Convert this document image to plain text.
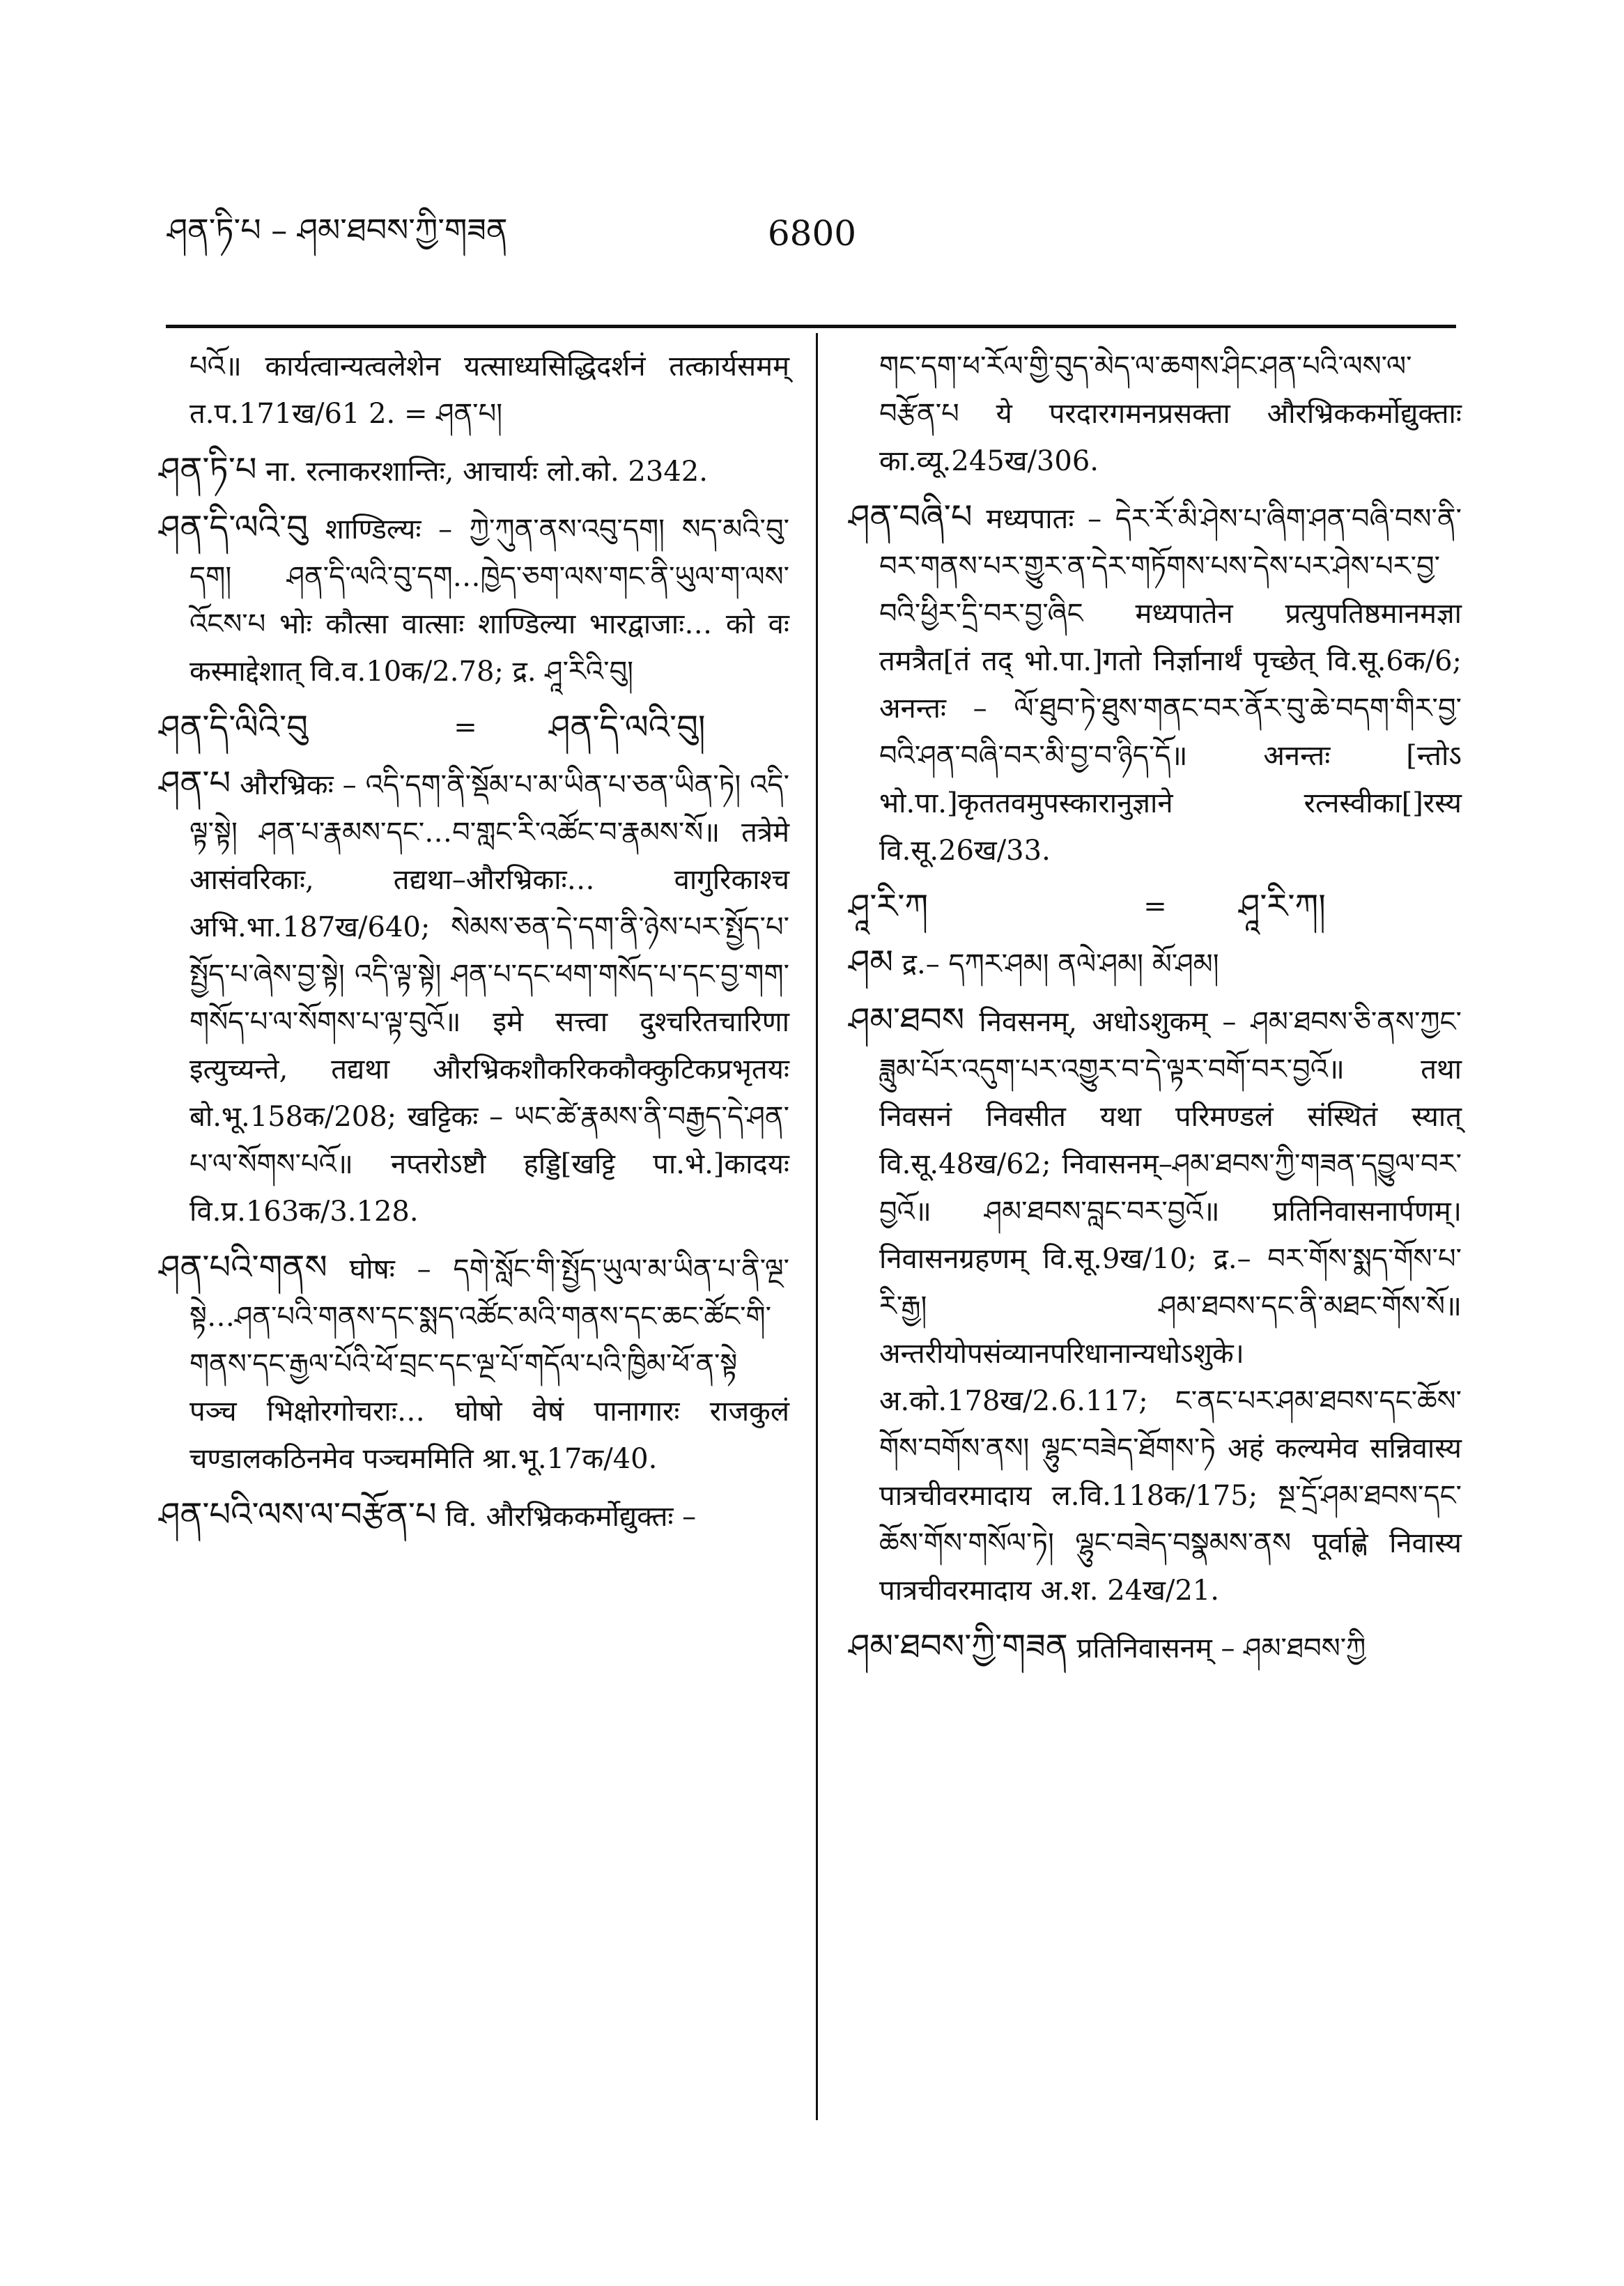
ཤན་ཏི་པ – ཤམ་ཐབས་ཀྱི་གཟན	6800
པའོ॥ कार्यत्वान्यत्वलेशेन यत्साध्यसिद्धिदर्शनं तत्कार्यसमम् त.प.171ख/61 2. = ཤན་པ།
ཤན་ཏི་པ ना. रत्नाकरशान्तिः, आचार्यः लो.को. 2342.
ཤན་དི་ལའི་བུ शाण्डिल्यः – ཀྱེ་ཀུན་ནས་འབུ་དག། སད་མའི་བུ་དག། ཤན་དི་ལའི་བུ་དག…ཁྱེད་ཅག་ལས་གང་ནི་ཡུལ་ག་ལས་འོངས་པ भोः कौत्सा वात्साः शाण्डिल्या भारद्वाजाः… को वः कस्माद्देशात् वि.व.10क/2.78; द्र. ཤཱ་རིའི་བུ།
ཤན་དི་ལིའི་བུ	=	ཤན་དི་ལའི་བུ།
ཤན་པ औरभ्रिकः – འདི་དག་ནི་སྡོམ་པ་མ་ཡིན་པ་ཅན་ཡིན་ཏེ། འདི་ལྟ་སྟེ། ཤན་པ་རྣམས་དང་…བ་གླང་རི་འཚོང་བ་རྣམས་སོ॥ तत्रेमे आसंवरिकाः, तद्यथा–औरभ्रिकाः… वागुरिकाश्च अभि.भा.187ख/640; སེམས་ཅན་དེ་དག་ནི་ཉེས་པར་སྤྱོད་པ་སྤྱོད་པ་ཞེས་བྱ་སྟེ། འདི་ལྟ་སྟེ། ཤན་པ་དང་ཕག་གསོད་པ་དང་བྱ་གག་གསོད་པ་ལ་སོགས་པ་ལྟ་བུའོ॥ इमे सत्त्वा दुश्चरितचारिणा इत्युच्यन्ते, तद्यथा औरभ्रिकशौकरिककौक्कुटिकप्रभृतयः बो.भू.158क/208; खट्टिकः – ཡང་ཚེ་རྣམས་ནི་བརྒྱད་དེ་ཤན་པ་ལ་སོགས་པའོ॥ नप्तरोऽष्टौ हड्डि[खट्टि पा.भे.]कादयः वि.प्र.163क/3.128.
ཤན་པའི་གནས घोषः – དགེ་སློང་གི་སྤྱོད་ཡུལ་མ་ཡིན་པ་ནི་ལྔ་སྟེ…ཤན་པའི་གནས་དང་སྨད་འཚོང་མའི་གནས་དང་ཆང་ཚོང་གི་གནས་དང་རྒྱལ་པོའི་ཕོ་བྲང་དང་ལྔ་པོ་གདོལ་པའི་ཁྱིམ་ཕོ་ན་སྟེ पञ्च भिक्षोरगोचराः… घोषो वेषं पानागारः राजकुलं चण्डालकठिनमेव पञ्चममिति श्रा.भू.17क/40.
ཤན་པའི་ལས་ལ་བརྩོན་པ वि. औरभ्रिककर्मोद्युक्तः –
གང་དག་ཕ་རོལ་གྱི་བུད་མེད་ལ་ཆགས་ཤིང་ཤན་པའི་ལས་ལ་བརྩོན་པ ये परदारगमनप्रसक्ता औरभ्रिककर्मोद्युक्ताः का.व्यू.245ख/306.
ཤན་བཞི་པ मध्यपातः – དེར་རོ་མི་ཤེས་པ་ཞིག་ཤན་བཞི་བས་ནི་བར་གནས་པར་གྱུར་ན་དེར་གཏོགས་པས་དེས་པར་ཤེས་པར་བྱ་བའི་ཕྱིར་དྲི་བར་བྱ་ཞིང मध्यपातेन प्रत्युपतिष्ठमानमज्ञा तमत्रैत[तं तद् भो.पा.]गतो निर्ज्ञानार्थं पृच्छेत् वि.सू.6क/6; अनन्तः – ལོ་ཐུབ་ཏེ་ཐུས་གནང་བར་ནོར་བུ་ཆེ་བདག་གིར་བྱ་བའི་ཤན་བཞི་བར་མི་བྱ་བ་ཉིད་དོ॥ अनन्तः [न्तोऽ भो.पा.]कृततवमुपस्कारानुज्ञाने रत्नस्वीका[]रस्य वि.सू.26ख/33.
ཤཱ་རི་ཀ	=	ཤཱ་རི་ཀ།
ཤམ द्र.– དཀར་ཤམ། ནལེ་ཤམ། མོ་ཤམ།
ཤམ་ཐབས निवसनम्, अधोऽशुकम् – ཤམ་ཐབས་ཅི་ནས་ཀྱང་ཟླུམ་པོར་འདུག་པར་འགྱུར་བ་དེ་ལྟར་བགོ་བར་བྱའོ॥ तथा निवसनं निवसीत यथा परिमण्डलं संस्थितं स्यात् वि.सू.48ख/62; निवासनम्–ཤམ་ཐབས་ཀྱི་གཟན་དབྱུལ་བར་བྱའོ॥ ཤམ་ཐབས་བླང་བར་བྱའོ॥ प्रतिनिवासनार्पणम्। निवासनग्रहणम् वि.सू.9ख/10; द्र.– བར་གོས་སྨད་གོས་པ་རི་རྒྱ། ཤམ་ཐབས་དང་ནི་མཐང་གོས་སོ॥ अन्तरीयोपसंव्यानपरिधानान्यधोऽशुके। अ.को.178ख/2.6.117; ང་ནང་པར་ཤམ་ཐབས་དང་ཆོས་གོས་བགོས་ནས། ལྷུང་བཟེད་ཐོགས་ཏེ अहं कल्यमेव सन्निवास्य पात्रचीवरमादाय ल.वि.118क/175; སྔ་དྲོ་ཤམ་ཐབས་དང་ཆོས་གོས་གསོལ་ཏེ། ལྷུང་བཟེད་བསྣམས་ནས पूर्वाह्णे निवास्य पात्रचीवरमादाय अ.श. 24ख/21.
ཤམ་ཐབས་ཀྱི་གཟན प्रतिनिवासनम् – ཤམ་ཐབས་ཀྱི
